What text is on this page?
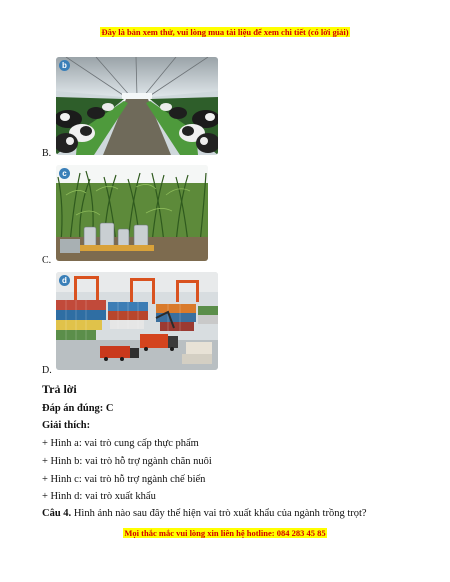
Đây là bản xem thử, vui lòng mua tài liệu để xem chi tiết (có lời giải)
b
B.
c
C.
d
D.
Trả lời
Đáp án đúng: C
Giải thích:
+ Hình a: vai trò cung cấp thực phẩm
+ Hình b: vai trò hỗ trợ ngành chăn nuôi
+ Hình c: vai trò hỗ trợ ngành chế biến
+ Hình d: vai trò xuất khẩu
Câu 4. Hình ảnh nào sau đây thể hiện vai trò xuất khẩu của ngành trồng trọt?
Mọi thắc mắc vui lòng xin liên hệ hotline: 084 283 45 85
